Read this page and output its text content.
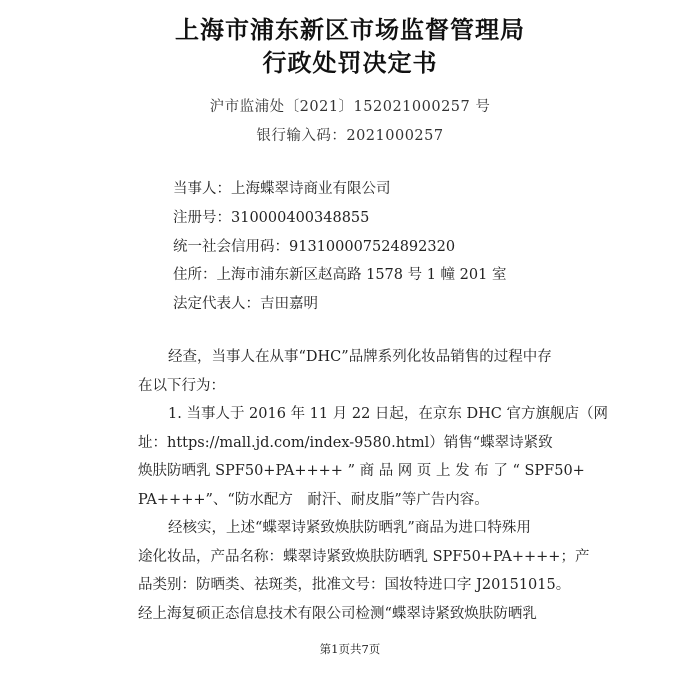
上海市浦东新区市场监督管理局
行政处罚决定书
沪市监浦处〔2021〕152021000257 号
银行输入码：2021000257
当事人：上海蝶翠诗商业有限公司
注册号：310000400348855
统一社会信用码：913100007524892320
住所：上海市浦东新区赵高路 1578 号 1 幢 201 室
法定代表人：吉田嘉明
经查，当事人在从事“DHC”品牌系列化妆品销售的过程中存
在以下行为：
1. 当事人于 2016 年 11 月 22 日起，在京东 DHC 官方旗舰店（网
址：https://mall.jd.com/index-9580.html）销售“蝶翠诗紧致
焕肤防晒乳 SPF50+PA++++ ” 商 品 网 页 上 发 布 了 “ SPF50+
PA++++”、“防水配方　耐汗、耐皮脂”等广告内容。
经核实，上述“蝶翠诗紧致焕肤防晒乳”商品为进口特殊用
途化妆品，产品名称：蝶翠诗紧致焕肤防晒乳 SPF50+PA++++；产
品类别：防晒类、祛斑类，批准文号：国妆特进口字 J20151015。
经上海复硕正态信息技术有限公司检测“蝶翠诗紧致焕肤防晒乳
第1页共7页
